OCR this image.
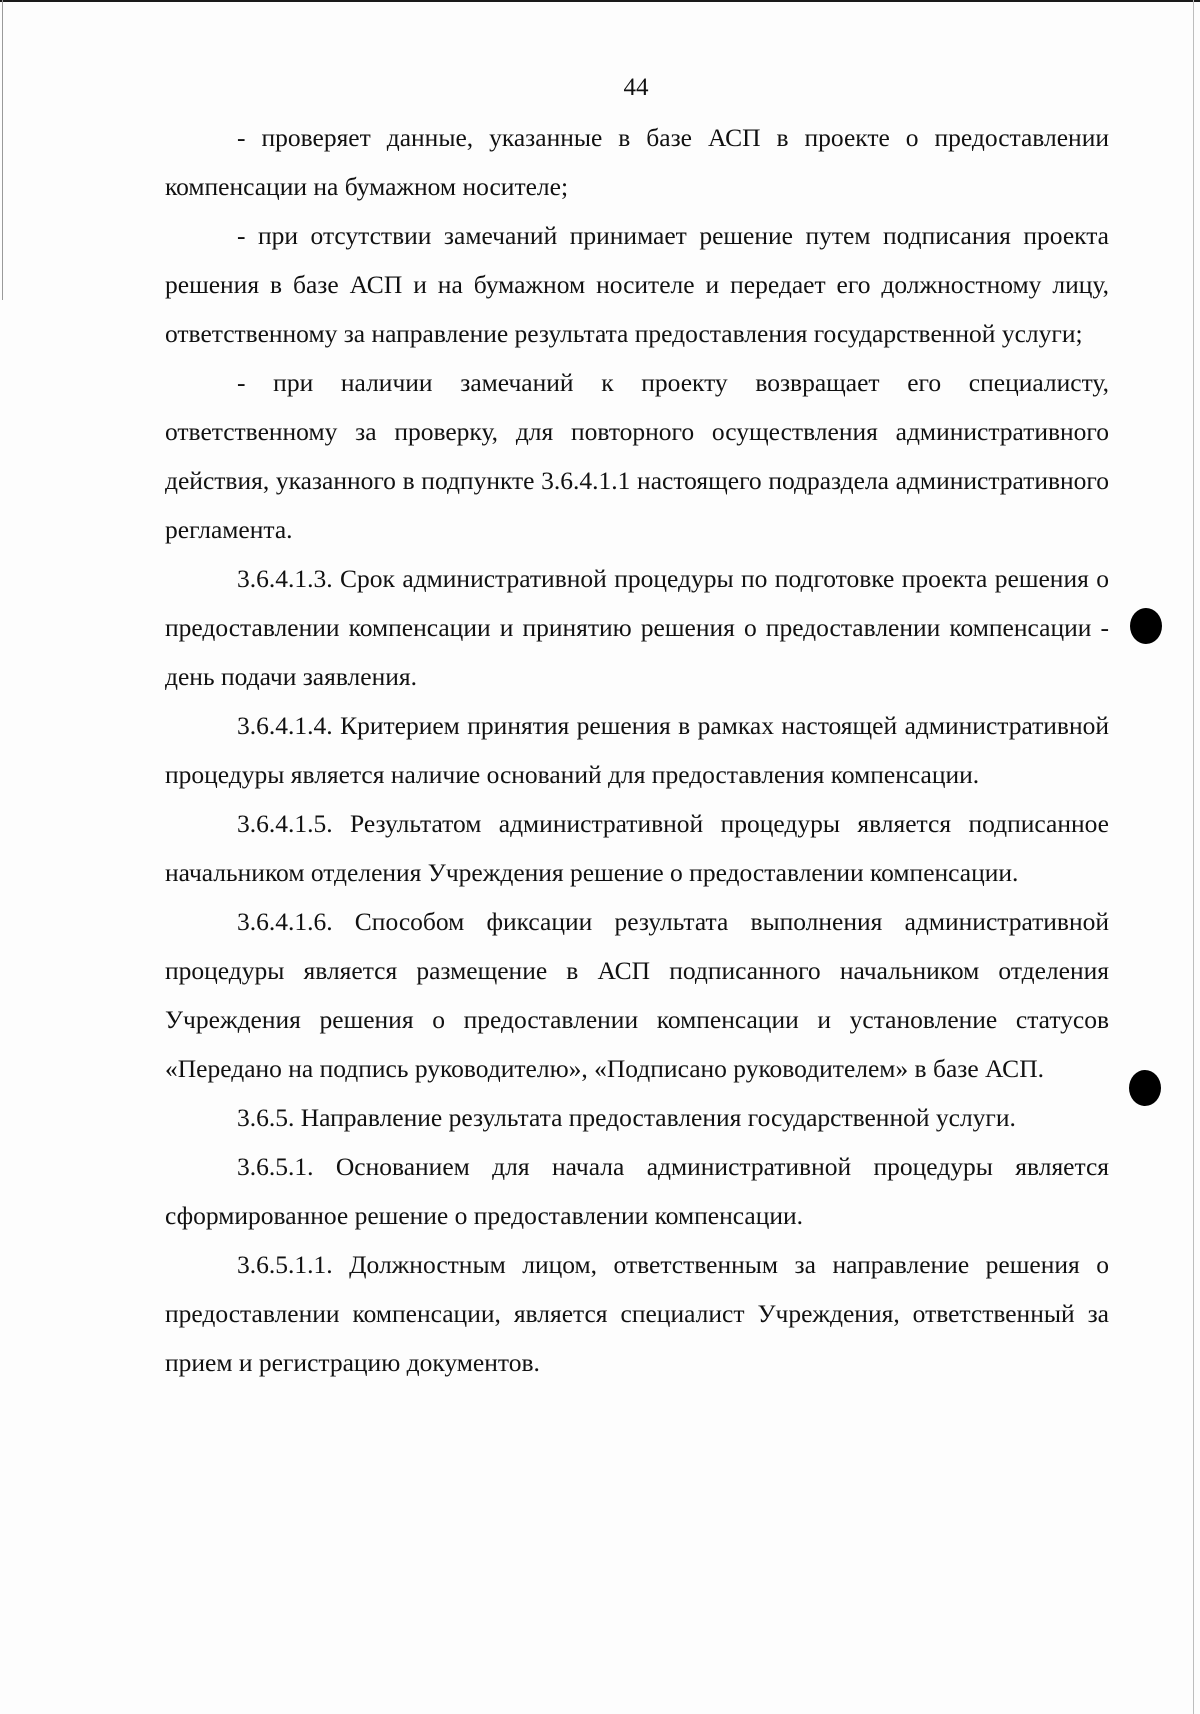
44

- проверяет данные, указанные в базе АСП в проекте о предоставлении компенсации на бумажном носителе;

- при отсутствии замечаний принимает решение путем подписания проекта решения в базе АСП и на бумажном носителе и передает его должностному лицу, ответственному за направление результата предоставления государственной услуги;

- при наличии замечаний к проекту возвращает его специалисту, ответственному за проверку, для повторного осуществления административного действия, указанного в подпункте 3.6.4.1.1 настоящего подраздела административного регламента.

3.6.4.1.3. Срок административной процедуры по подготовке проекта решения о предоставлении компенсации и принятию решения о предоставлении компенсации - день подачи заявления.

3.6.4.1.4. Критерием принятия решения в рамках настоящей административной процедуры является наличие оснований для предоставления компенсации.

3.6.4.1.5. Результатом административной процедуры является подписанное начальником отделения Учреждения решение о предоставлении компенсации.

3.6.4.1.6. Способом фиксации результата выполнения административной процедуры является размещение в АСП подписанного начальником отделения Учреждения решения о предоставлении компенсации и установление статусов «Передано на подпись руководителю», «Подписано руководителем» в базе АСП.

3.6.5. Направление результата предоставления государственной услуги.

3.6.5.1. Основанием для начала административной процедуры является сформированное решение о предоставлении компенсации.

3.6.5.1.1. Должностным лицом, ответственным за направление решения о предоставлении компенсации, является специалист Учреждения, ответственный за прием и регистрацию документов.
